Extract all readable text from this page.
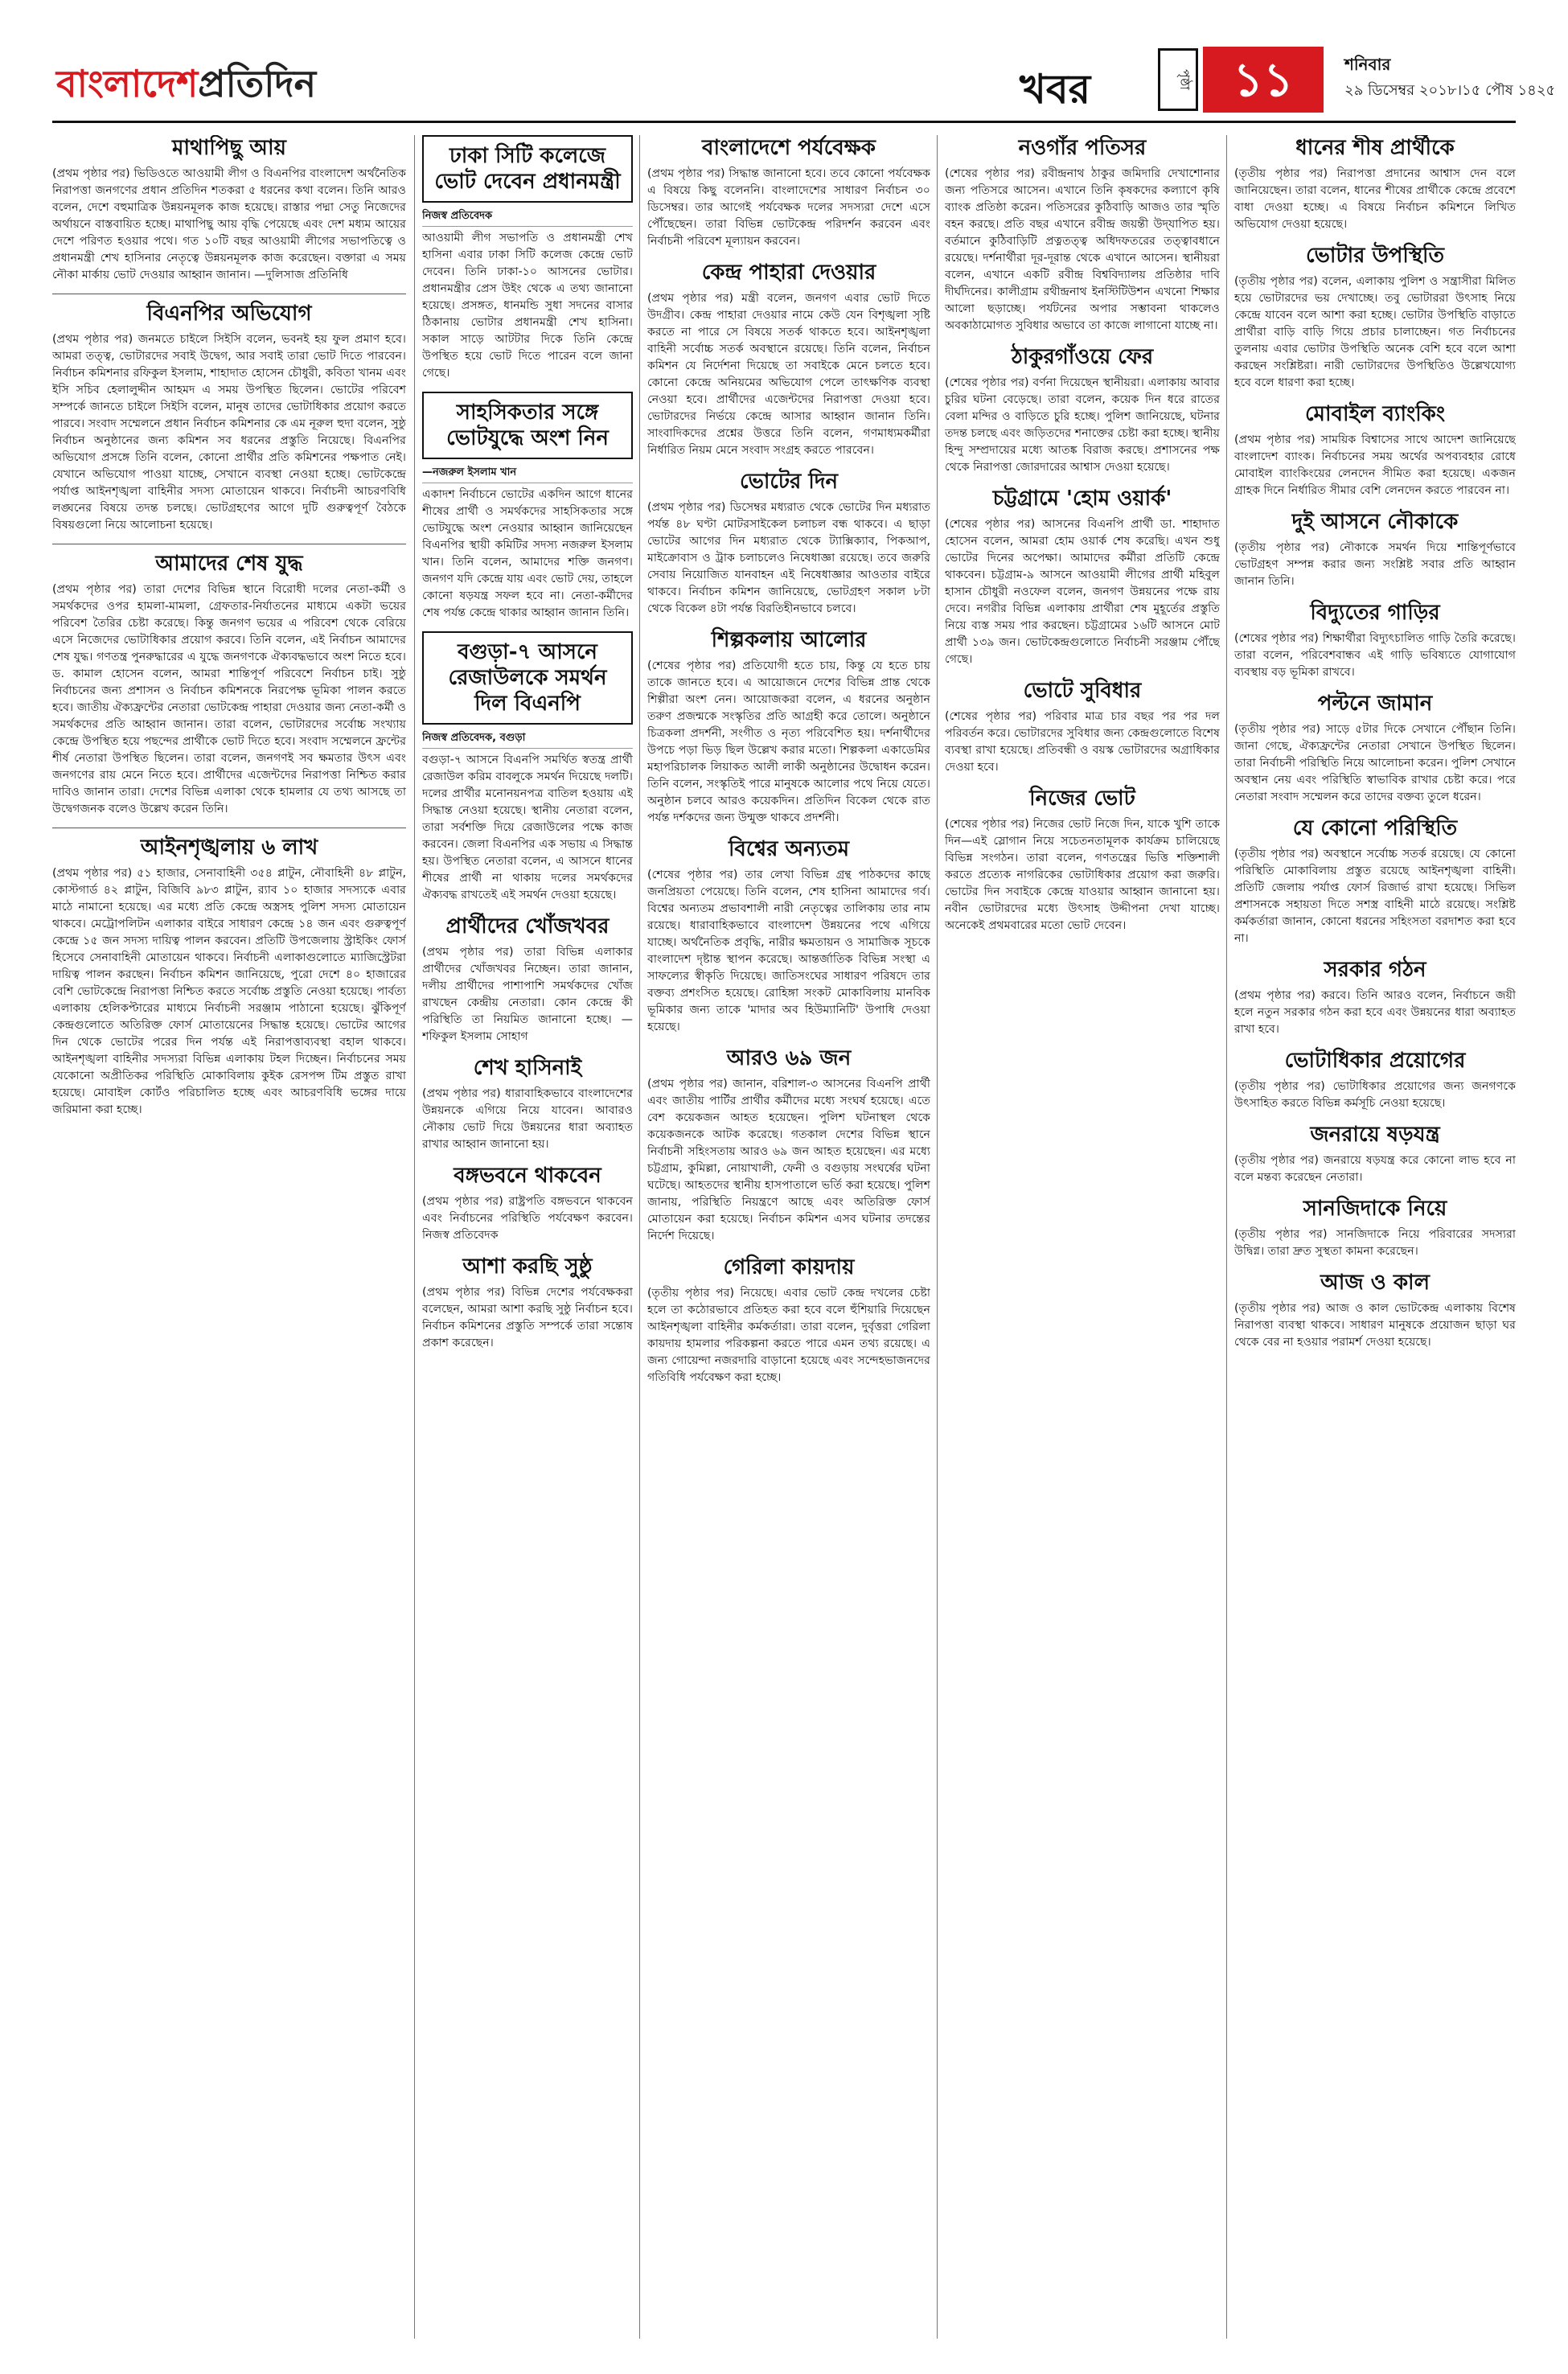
বাংলাদেশপ্রতিদিন	খবর	পৃষ্ঠা ১১	শনিবার
২৯ ডিসেম্বর ২০১৮।১৫ পৌষ ১৪২৫
মাথাপিছু আয়

(প্রথম পৃষ্ঠার পর) ভিডিওতে আওয়ামী লীগ ও বিএনপির বাংলাদেশ অর্থনৈতিক নিরাপত্তা জনগণের প্রধান প্রতিদিন শতকরা ৫ ধরনের কথা বলেন। তিনি আরও বলেন, দেশে বহুমাত্রিক উন্নয়নমূলক কাজ হয়েছে। রাস্তার পদ্মা সেতু নিজেদের অর্থায়নে বাস্তবায়িত হচ্ছে। মাথাপিছু আয় বৃদ্ধি পেয়েছে এবং দেশ মধ্যম আয়ের দেশে পরিণত হওয়ার পথে। গত ১০টি বছর আওয়ামী লীগের সভাপতিত্বে ও প্রধানমন্ত্রী শেখ হাসিনার নেতৃত্বে উন্নয়নমূলক কাজ করেছেন। বক্তারা এ সময় নৌকা মার্কায় ভোট দেওয়ার আহ্বান জানান। —দুলিসাজ প্রতিনিধি

বিএনপির অভিযোগ

(প্রথম পৃষ্ঠার পর) জনমতে চাইলে সিইসি বলেন, ভবনই হয় ফুল প্রমাণ হবে। আমরা তত্ত্ব, ভোটারদের সবাই উদ্বেগ, আর সবাই তারা ভোট দিতে পারবেন। নির্বাচন কমিশনার রফিকুল ইসলাম, শাহাদাত হোসেন চৌধুরী, কবিতা খানম এবং ইসি সচিব হেলালুদ্দীন আহমদ এ সময় উপস্থিত ছিলেন। ভোটের পরিবেশ সম্পর্কে জানতে চাইলে সিইসি বলেন, মানুষ তাদের ভোটাধিকার প্রয়োগ করতে পারবে। সংবাদ সম্মেলনে প্রধান নির্বাচন কমিশনার কে এম নূরুল হুদা বলেন, সুষ্ঠু নির্বাচন অনুষ্ঠানের জন্য কমিশন সব ধরনের প্রস্তুতি নিয়েছে। বিএনপির অভিযোগ প্রসঙ্গে তিনি বলেন, কোনো প্রার্থীর প্রতি কমিশনের পক্ষপাত নেই। যেখানে অভিযোগ পাওয়া যাচ্ছে, সেখানে ব্যবস্থা নেওয়া হচ্ছে। ভোটকেন্দ্রে পর্যাপ্ত আইনশৃঙ্খলা বাহিনীর সদস্য মোতায়েন থাকবে। নির্বাচনী আচরণবিধি লঙ্ঘনের বিষয়ে তদন্ত চলছে। ভোটগ্রহণের আগে দুটি গুরুত্বপূর্ণ বৈঠকে বিষয়গুলো নিয়ে আলোচনা হয়েছে।

আমাদের শেষ যুদ্ধ

(প্রথম পৃষ্ঠার পর) তারা দেশের বিভিন্ন স্থানে বিরোধী দলের নেতা-কর্মী ও সমর্থকদের ওপর হামলা-মামলা, গ্রেফতার-নির্যাতনের মাধ্যমে একটা ভয়ের পরিবেশ তৈরির চেষ্টা করেছে। কিন্তু জনগণ ভয়ের এ পরিবেশ থেকে বেরিয়ে এসে নিজেদের ভোটাধিকার প্রয়োগ করবে। তিনি বলেন, এই নির্বাচন আমাদের শেষ যুদ্ধ। গণতন্ত্র পুনরুদ্ধারের এ যুদ্ধে জনগণকে ঐক্যবদ্ধভাবে অংশ নিতে হবে। ড. কামাল হোসেন বলেন, আমরা শান্তিপূর্ণ পরিবেশে নির্বাচন চাই। সুষ্ঠু নির্বাচনের জন্য প্রশাসন ও নির্বাচন কমিশনকে নিরপেক্ষ ভূমিকা পালন করতে হবে। জাতীয় ঐক্যফ্রন্টের নেতারা ভোটকেন্দ্র পাহারা দেওয়ার জন্য নেতা-কর্মী ও সমর্থকদের প্রতি আহ্বান জানান। তারা বলেন, ভোটারদের সর্বোচ্চ সংখ্যায় কেন্দ্রে উপস্থিত হয়ে পছন্দের প্রার্থীকে ভোট দিতে হবে। সংবাদ সম্মেলনে ফ্রন্টের শীর্ষ নেতারা উপস্থিত ছিলেন। তারা বলেন, জনগণই সব ক্ষমতার উৎস এবং জনগণের রায় মেনে নিতে হবে। প্রার্থীদের এজেন্টদের নিরাপত্তা নিশ্চিত করার দাবিও জানান তারা। দেশের বিভিন্ন এলাকা থেকে হামলার যে তথ্য আসছে তা উদ্বেগজনক বলেও উল্লেখ করেন তিনি।

আইনশৃঙ্খলায় ৬ লাখ

(প্রথম পৃষ্ঠার পর) ৫১ হাজার, সেনাবাহিনী ৩৫৪ প্লাটুন, নৌবাহিনী ৪৮ প্লাটুন, কোস্টগার্ড ৪২ প্লাটুন, বিজিবি ৯৮৩ প্লাটুন, র‍্যাব ১০ হাজার সদস্যকে এবার মাঠে নামানো হয়েছে। এর মধ্যে প্রতি কেন্দ্রে অস্ত্রসহ পুলিশ সদস্য মোতায়েন থাকবে। মেট্রোপলিটন এলাকার বাইরে সাধারণ কেন্দ্রে ১৪ জন এবং গুরুত্বপূর্ণ কেন্দ্রে ১৫ জন সদস্য দায়িত্ব পালন করবেন। প্রতিটি উপজেলায় স্ট্রাইকিং ফোর্স হিসেবে সেনাবাহিনী মোতায়েন থাকবে। নির্বাচনী এলাকাগুলোতে ম্যাজিস্ট্রেটরা দায়িত্ব পালন করছেন। নির্বাচন কমিশন জানিয়েছে, পুরো দেশে ৪০ হাজারের বেশি ভোটকেন্দ্রে নিরাপত্তা নিশ্চিত করতে সর্বোচ্চ প্রস্তুতি নেওয়া হয়েছে। পার্বত্য এলাকায় হেলিকপ্টারের মাধ্যমে নির্বাচনী সরঞ্জাম পাঠানো হয়েছে। ঝুঁকিপূর্ণ কেন্দ্রগুলোতে অতিরিক্ত ফোর্স মোতায়েনের সিদ্ধান্ত হয়েছে। ভোটের আগের দিন থেকে ভোটের পরের দিন পর্যন্ত এই নিরাপত্তাব্যবস্থা বহাল থাকবে। আইনশৃঙ্খলা বাহিনীর সদস্যরা বিভিন্ন এলাকায় টহল দিচ্ছেন। নির্বাচনের সময় যেকোনো অপ্রীতিকর পরিস্থিতি মোকাবিলায় কুইক রেসপন্স টিম প্রস্তুত রাখা হয়েছে। মোবাইল কোর্টও পরিচালিত হচ্ছে এবং আচরণবিধি ভঙ্গের দায়ে জরিমানা করা হচ্ছে।

ঢাকা সিটি কলেজে ভোট দেবেন প্রধানমন্ত্রী
নিজস্ব প্রতিবেদক

আওয়ামী লীগ সভাপতি ও প্রধানমন্ত্রী শেখ হাসিনা এবার ঢাকা সিটি কলেজ কেন্দ্রে ভোট দেবেন। তিনি ঢাকা-১০ আসনের ভোটার। প্রধানমন্ত্রীর প্রেস উইং থেকে এ তথ্য জানানো হয়েছে। প্রসঙ্গত, ধানমন্ডি সুধা সদনের বাসার ঠিকানায় ভোটার প্রধানমন্ত্রী শেখ হাসিনা। সকাল সাড়ে আটটার দিকে তিনি কেন্দ্রে উপস্থিত হয়ে ভোট দিতে পারেন বলে জানা গেছে।

সাহসিকতার সঙ্গে ভোটযুদ্ধে অংশ নিন
—নজরুল ইসলাম খান

একাদশ নির্বাচনে ভোটের একদিন আগে ধানের শীষের প্রার্থী ও সমর্থকদের সাহসিকতার সঙ্গে ভোটযুদ্ধে অংশ নেওয়ার আহ্বান জানিয়েছেন বিএনপির স্থায়ী কমিটির সদস্য নজরুল ইসলাম খান। তিনি বলেন, আমাদের শক্তি জনগণ। জনগণ যদি কেন্দ্রে যায় এবং ভোট দেয়, তাহলে কোনো ষড়যন্ত্র সফল হবে না। নেতা-কর্মীদের শেষ পর্যন্ত কেন্দ্রে থাকার আহ্বান জানান তিনি।

বগুড়া-৭ আসনে রেজাউলকে সমর্থন দিল বিএনপি
নিজস্ব প্রতিবেদক, বগুড়া

বগুড়া-৭ আসনে বিএনপি সমর্থিত স্বতন্ত্র প্রার্থী রেজাউল করিম বাবলুকে সমর্থন দিয়েছে দলটি। দলের প্রার্থীর মনোনয়নপত্র বাতিল হওয়ায় এই সিদ্ধান্ত নেওয়া হয়েছে। স্থানীয় নেতারা বলেন, তারা সর্বশক্তি দিয়ে রেজাউলের পক্ষে কাজ করবেন। জেলা বিএনপির এক সভায় এ সিদ্ধান্ত হয়। উপস্থিত নেতারা বলেন, এ আসনে ধানের শীষের প্রার্থী না থাকায় দলের সমর্থকদের ঐক্যবদ্ধ রাখতেই এই সমর্থন দেওয়া হয়েছে।

প্রার্থীদের খোঁজখবর

(প্রথম পৃষ্ঠার পর) তারা বিভিন্ন এলাকার প্রার্থীদের খোঁজখবর নিচ্ছেন। তারা জানান, দলীয় প্রার্থীদের পাশাপাশি সমর্থকদের খোঁজ রাখছেন কেন্দ্রীয় নেতারা। কোন কেন্দ্রে কী পরিস্থিতি তা নিয়মিত জানানো হচ্ছে। —শফিকুল ইসলাম সোহাগ

শেখ হাসিনাই

(প্রথম পৃষ্ঠার পর) ধারাবাহিকভাবে বাংলাদেশের উন্নয়নকে এগিয়ে নিয়ে যাবেন। আবারও নৌকায় ভোট দিয়ে উন্নয়নের ধারা অব্যাহত রাখার আহ্বান জানানো হয়।

বঙ্গভবনে থাকবেন

(প্রথম পৃষ্ঠার পর) রাষ্ট্রপতি বঙ্গভবনে থাকবেন এবং নির্বাচনের পরিস্থিতি পর্যবেক্ষণ করবেন। নিজস্ব প্রতিবেদক

আশা করছি সুষ্ঠু

(প্রথম পৃষ্ঠার পর) বিভিন্ন দেশের পর্যবেক্ষকরা বলেছেন, আমরা আশা করছি সুষ্ঠু নির্বাচন হবে। নির্বাচন কমিশনের প্রস্তুতি সম্পর্কে তারা সন্তোষ প্রকাশ করেছেন।

বাংলাদেশে পর্যবেক্ষক

(প্রথম পৃষ্ঠার পর) সিদ্ধান্ত জানানো হবে। তবে কোনো পর্যবেক্ষক এ বিষয়ে কিছু বলেননি। বাংলাদেশের সাধারণ নির্বাচন ৩০ ডিসেম্বর। তার আগেই পর্যবেক্ষক দলের সদস্যরা দেশে এসে পৌঁছেছেন। তারা বিভিন্ন ভোটকেন্দ্র পরিদর্শন করবেন এবং নির্বাচনী পরিবেশ মূল্যায়ন করবেন।

কেন্দ্র পাহারা দেওয়ার

(প্রথম পৃষ্ঠার পর) মন্ত্রী বলেন, জনগণ এবার ভোট দিতে উদগ্রীব। কেন্দ্র পাহারা দেওয়ার নামে কেউ যেন বিশৃঙ্খলা সৃষ্টি করতে না পারে সে বিষয়ে সতর্ক থাকতে হবে। আইনশৃঙ্খলা বাহিনী সর্বোচ্চ সতর্ক অবস্থানে রয়েছে। তিনি বলেন, নির্বাচন কমিশন যে নির্দেশনা দিয়েছে তা সবাইকে মেনে চলতে হবে। কোনো কেন্দ্রে অনিয়মের অভিযোগ পেলে তাৎক্ষণিক ব্যবস্থা নেওয়া হবে। প্রার্থীদের এজেন্টদের নিরাপত্তা দেওয়া হবে। ভোটারদের নির্ভয়ে কেন্দ্রে আসার আহ্বান জানান তিনি। সাংবাদিকদের প্রশ্নের উত্তরে তিনি বলেন, গণমাধ্যমকর্মীরা নির্ধারিত নিয়ম মেনে সংবাদ সংগ্রহ করতে পারবেন।

ভোটের দিন

(প্রথম পৃষ্ঠার পর) ডিসেম্বর মধ্যরাত থেকে ভোটের দিন মধ্যরাত পর্যন্ত ৪৮ ঘণ্টা মোটরসাইকেল চলাচল বন্ধ থাকবে। এ ছাড়া ভোটের আগের দিন মধ্যরাত থেকে ট্যাক্সিক্যাব, পিকআপ, মাইক্রোবাস ও ট্রাক চলাচলেও নিষেধাজ্ঞা রয়েছে। তবে জরুরি সেবায় নিয়োজিত যানবাহন এই নিষেধাজ্ঞার আওতার বাইরে থাকবে। নির্বাচন কমিশন জানিয়েছে, ভোটগ্রহণ সকাল ৮টা থেকে বিকেল ৪টা পর্যন্ত বিরতিহীনভাবে চলবে।

শিল্পকলায় আলোর

(শেষের পৃষ্ঠার পর) প্রতিযোগী হতে চায়, কিন্তু যে হতে চায় তাকে জানতে হবে। এ আয়োজনে দেশের বিভিন্ন প্রান্ত থেকে শিল্পীরা অংশ নেন। আয়োজকরা বলেন, এ ধরনের অনুষ্ঠান তরুণ প্রজন্মকে সংস্কৃতির প্রতি আগ্রহী করে তোলে। অনুষ্ঠানে চিত্রকলা প্রদর্শনী, সংগীত ও নৃত্য পরিবেশিত হয়। দর্শনার্থীদের উপচে পড়া ভিড় ছিল উল্লেখ করার মতো। শিল্পকলা একাডেমির মহাপরিচালক লিয়াকত আলী লাকী অনুষ্ঠানের উদ্বোধন করেন। তিনি বলেন, সংস্কৃতিই পারে মানুষকে আলোর পথে নিয়ে যেতে। অনুষ্ঠান চলবে আরও কয়েকদিন। প্রতিদিন বিকেল থেকে রাত পর্যন্ত দর্শকদের জন্য উন্মুক্ত থাকবে প্রদর্শনী।

বিশ্বের অন্যতম

(শেষের পৃষ্ঠার পর) তার লেখা বিভিন্ন গ্রন্থ পাঠকদের কাছে জনপ্রিয়তা পেয়েছে। তিনি বলেন, শেষ হাসিনা আমাদের গর্ব। বিশ্বের অন্যতম প্রভাবশালী নারী নেতৃত্বের তালিকায় তার নাম রয়েছে। ধারাবাহিকভাবে বাংলাদেশ উন্নয়নের পথে এগিয়ে যাচ্ছে। অর্থনৈতিক প্রবৃদ্ধি, নারীর ক্ষমতায়ন ও সামাজিক সূচকে বাংলাদেশ দৃষ্টান্ত স্থাপন করেছে। আন্তর্জাতিক বিভিন্ন সংস্থা এ সাফল্যের স্বীকৃতি দিয়েছে। জাতিসংঘের সাধারণ পরিষদে তার বক্তব্য প্রশংসিত হয়েছে। রোহিঙ্গা সংকট মোকাবিলায় মানবিক ভূমিকার জন্য তাকে 'মাদার অব হিউম্যানিটি' উপাধি দেওয়া হয়েছে।

আরও ৬৯ জন

(প্রথম পৃষ্ঠার পর) জানান, বরিশাল-৩ আসনের বিএনপি প্রার্থী এবং জাতীয় পার্টির প্রার্থীর কর্মীদের মধ্যে সংঘর্ষ হয়েছে। এতে বেশ কয়েকজন আহত হয়েছেন। পুলিশ ঘটনাস্থল থেকে কয়েকজনকে আটক করেছে। গতকাল দেশের বিভিন্ন স্থানে নির্বাচনী সহিংসতায় আরও ৬৯ জন আহত হয়েছেন। এর মধ্যে চট্টগ্রাম, কুমিল্লা, নোয়াখালী, ফেনী ও বগুড়ায় সংঘর্ষের ঘটনা ঘটেছে। আহতদের স্থানীয় হাসপাতালে ভর্তি করা হয়েছে। পুলিশ জানায়, পরিস্থিতি নিয়ন্ত্রণে আছে এবং অতিরিক্ত ফোর্স মোতায়েন করা হয়েছে। নির্বাচন কমিশন এসব ঘটনার তদন্তের নির্দেশ দিয়েছে।

গেরিলা কায়দায়

(তৃতীয় পৃষ্ঠার পর) নিয়েছে। এবার ভোট কেন্দ্র দখলের চেষ্টা হলে তা কঠোরভাবে প্রতিহত করা হবে বলে হুঁশিয়ারি দিয়েছেন আইনশৃঙ্খলা বাহিনীর কর্মকর্তারা। তারা বলেন, দুর্বৃত্তরা গেরিলা কায়দায় হামলার পরিকল্পনা করতে পারে এমন তথ্য রয়েছে। এ জন্য গোয়েন্দা নজরদারি বাড়ানো হয়েছে এবং সন্দেহভাজনদের গতিবিধি পর্যবেক্ষণ করা হচ্ছে।

নওগাঁর পতিসর

(শেষের পৃষ্ঠার পর) রবীন্দ্রনাথ ঠাকুর জমিদারি দেখাশোনার জন্য পতিসরে আসেন। এখানে তিনি কৃষকদের কল্যাণে কৃষি ব্যাংক প্রতিষ্ঠা করেন। পতিসরের কুঠিবাড়ি আজও তার স্মৃতি বহন করছে। প্রতি বছর এখানে রবীন্দ্র জয়ন্তী উদ্‌যাপিত হয়। বর্তমানে কুঠিবাড়িটি প্রত্নতত্ত্ব অধিদফতরের তত্ত্বাবধানে রয়েছে। দর্শনার্থীরা দূর-দূরান্ত থেকে এখানে আসেন। স্থানীয়রা বলেন, এখানে একটি রবীন্দ্র বিশ্ববিদ্যালয় প্রতিষ্ঠার দাবি দীর্ঘদিনের। কালীগ্রাম রথীন্দ্রনাথ ইনস্টিটিউশন এখনো শিক্ষার আলো ছড়াচ্ছে। পর্যটনের অপার সম্ভাবনা থাকলেও অবকাঠামোগত সুবিধার অভাবে তা কাজে লাগানো যাচ্ছে না।

ঠাকুরগাঁওয়ে ফের

(শেষের পৃষ্ঠার পর) বর্ণনা দিয়েছেন স্থানীয়রা। এলাকায় আবার চুরির ঘটনা বেড়েছে। তারা বলেন, কয়েক দিন ধরে রাতের বেলা মন্দির ও বাড়িতে চুরি হচ্ছে। পুলিশ জানিয়েছে, ঘটনার তদন্ত চলছে এবং জড়িতদের শনাক্তের চেষ্টা করা হচ্ছে। স্থানীয় হিন্দু সম্প্রদায়ের মধ্যে আতঙ্ক বিরাজ করছে। প্রশাসনের পক্ষ থেকে নিরাপত্তা জোরদারের আশ্বাস দেওয়া হয়েছে।

চট্টগ্রামে 'হোম ওয়ার্ক'

(শেষের পৃষ্ঠার পর) আসনের বিএনপি প্রার্থী ডা. শাহাদাত হোসেন বলেন, আমরা হোম ওয়ার্ক শেষ করেছি। এখন শুধু ভোটের দিনের অপেক্ষা। আমাদের কর্মীরা প্রতিটি কেন্দ্রে থাকবেন। চট্টগ্রাম-৯ আসনে আওয়ামী লীগের প্রার্থী মহিবুল হাসান চৌধুরী নওফেল বলেন, জনগণ উন্নয়নের পক্ষে রায় দেবে। নগরীর বিভিন্ন এলাকায় প্রার্থীরা শেষ মুহূর্তের প্রস্তুতি নিয়ে ব্যস্ত সময় পার করছেন। চট্টগ্রামের ১৬টি আসনে মোট প্রার্থী ১৩৯ জন। ভোটকেন্দ্রগুলোতে নির্বাচনী সরঞ্জাম পৌঁছে গেছে।

ভোটে সুবিধার

(শেষের পৃষ্ঠার পর) পরিবার মাত্র চার বছর পর পর দল পরিবর্তন করে। ভোটারদের সুবিধার জন্য কেন্দ্রগুলোতে বিশেষ ব্যবস্থা রাখা হয়েছে। প্রতিবন্ধী ও বয়স্ক ভোটারদের অগ্রাধিকার দেওয়া হবে।

নিজের ভোট

(শেষের পৃষ্ঠার পর) নিজের ভোট নিজে দিন, যাকে খুশি তাকে দিন—এই স্লোগান নিয়ে সচেতনতামূলক কার্যক্রম চালিয়েছে বিভিন্ন সংগঠন। তারা বলেন, গণতন্ত্রের ভিত্তি শক্তিশালী করতে প্রত্যেক নাগরিকের ভোটাধিকার প্রয়োগ করা জরুরি। ভোটের দিন সবাইকে কেন্দ্রে যাওয়ার আহ্বান জানানো হয়। নবীন ভোটারদের মধ্যে উৎসাহ উদ্দীপনা দেখা যাচ্ছে। অনেকেই প্রথমবারের মতো ভোট দেবেন।

ধানের শীষ প্রার্থীকে

(তৃতীয় পৃষ্ঠার পর) নিরাপত্তা প্রদানের আশ্বাস দেন বলে জানিয়েছেন। তারা বলেন, ধানের শীষের প্রার্থীকে কেন্দ্রে প্রবেশে বাধা দেওয়া হচ্ছে। এ বিষয়ে নির্বাচন কমিশনে লিখিত অভিযোগ দেওয়া হয়েছে।

ভোটার উপস্থিতি

(তৃতীয় পৃষ্ঠার পর) বলেন, এলাকায় পুলিশ ও সন্ত্রাসীরা মিলিত হয়ে ভোটারদের ভয় দেখাচ্ছে। তবু ভোটাররা উৎসাহ নিয়ে কেন্দ্রে যাবেন বলে আশা করা হচ্ছে। ভোটার উপস্থিতি বাড়াতে প্রার্থীরা বাড়ি বাড়ি গিয়ে প্রচার চালাচ্ছেন। গত নির্বাচনের তুলনায় এবার ভোটার উপস্থিতি অনেক বেশি হবে বলে আশা করছেন সংশ্লিষ্টরা। নারী ভোটারদের উপস্থিতিও উল্লেখযোগ্য হবে বলে ধারণা করা হচ্ছে।

মোবাইল ব্যাংকিং

(প্রথম পৃষ্ঠার পর) সাময়িক বিশ্বাসের সাথে আদেশ জানিয়েছে বাংলাদেশ ব্যাংক। নির্বাচনের সময় অর্থের অপব্যবহার রোধে মোবাইল ব্যাংকিংয়ের লেনদেন সীমিত করা হয়েছে। একজন গ্রাহক দিনে নির্ধারিত সীমার বেশি লেনদেন করতে পারবেন না।

দুই আসনে নৌকাকে

(তৃতীয় পৃষ্ঠার পর) নৌকাকে সমর্থন দিয়ে শান্তিপূর্ণভাবে ভোটগ্রহণ সম্পন্ন করার জন্য সংশ্লিষ্ট সবার প্রতি আহ্বান জানান তিনি।

বিদ্যুতের গাড়ির

(শেষের পৃষ্ঠার পর) শিক্ষার্থীরা বিদ্যুৎচালিত গাড়ি তৈরি করেছে। তারা বলেন, পরিবেশবান্ধব এই গাড়ি ভবিষ্যতে যোগাযোগ ব্যবস্থায় বড় ভূমিকা রাখবে।

পল্টনে জামান

(তৃতীয় পৃষ্ঠার পর) সাড়ে ৫টার দিকে সেখানে পৌঁছান তিনি। জানা গেছে, ঐক্যফ্রন্টের নেতারা সেখানে উপস্থিত ছিলেন। তারা নির্বাচনী পরিস্থিতি নিয়ে আলোচনা করেন। পুলিশ সেখানে অবস্থান নেয় এবং পরিস্থিতি স্বাভাবিক রাখার চেষ্টা করে। পরে নেতারা সংবাদ সম্মেলন করে তাদের বক্তব্য তুলে ধরেন।

যে কোনো পরিস্থিতি

(তৃতীয় পৃষ্ঠার পর) অবস্থানে সর্বোচ্চ সতর্ক রয়েছে। যে কোনো পরিস্থিতি মোকাবিলায় প্রস্তুত রয়েছে আইনশৃঙ্খলা বাহিনী। প্রতিটি জেলায় পর্যাপ্ত ফোর্স রিজার্ভ রাখা হয়েছে। সিভিল প্রশাসনকে সহায়তা দিতে সশস্ত্র বাহিনী মাঠে রয়েছে। সংশ্লিষ্ট কর্মকর্তারা জানান, কোনো ধরনের সহিংসতা বরদাশত করা হবে না।

সরকার গঠন

(প্রথম পৃষ্ঠার পর) করবে। তিনি আরও বলেন, নির্বাচনে জয়ী হলে নতুন সরকার গঠন করা হবে এবং উন্নয়নের ধারা অব্যাহত রাখা হবে।

ভোটাধিকার প্রয়োগের

(তৃতীয় পৃষ্ঠার পর) ভোটাধিকার প্রয়োগের জন্য জনগণকে উৎসাহিত করতে বিভিন্ন কর্মসূচি নেওয়া হয়েছে।

জনরায়ে ষড়যন্ত্র

(তৃতীয় পৃষ্ঠার পর) জনরায়ে ষড়যন্ত্র করে কোনো লাভ হবে না বলে মন্তব্য করেছেন নেতারা।

সানজিদাকে নিয়ে

(তৃতীয় পৃষ্ঠার পর) সানজিদাকে নিয়ে পরিবারের সদস্যরা উদ্বিগ্ন। তারা দ্রুত সুস্থতা কামনা করেছেন।

আজ ও কাল

(তৃতীয় পৃষ্ঠার পর) আজ ও কাল ভোটকেন্দ্র এলাকায় বিশেষ নিরাপত্তা ব্যবস্থা থাকবে। সাধারণ মানুষকে প্রয়োজন ছাড়া ঘর থেকে বের না হওয়ার পরামর্শ দেওয়া হয়েছে।
